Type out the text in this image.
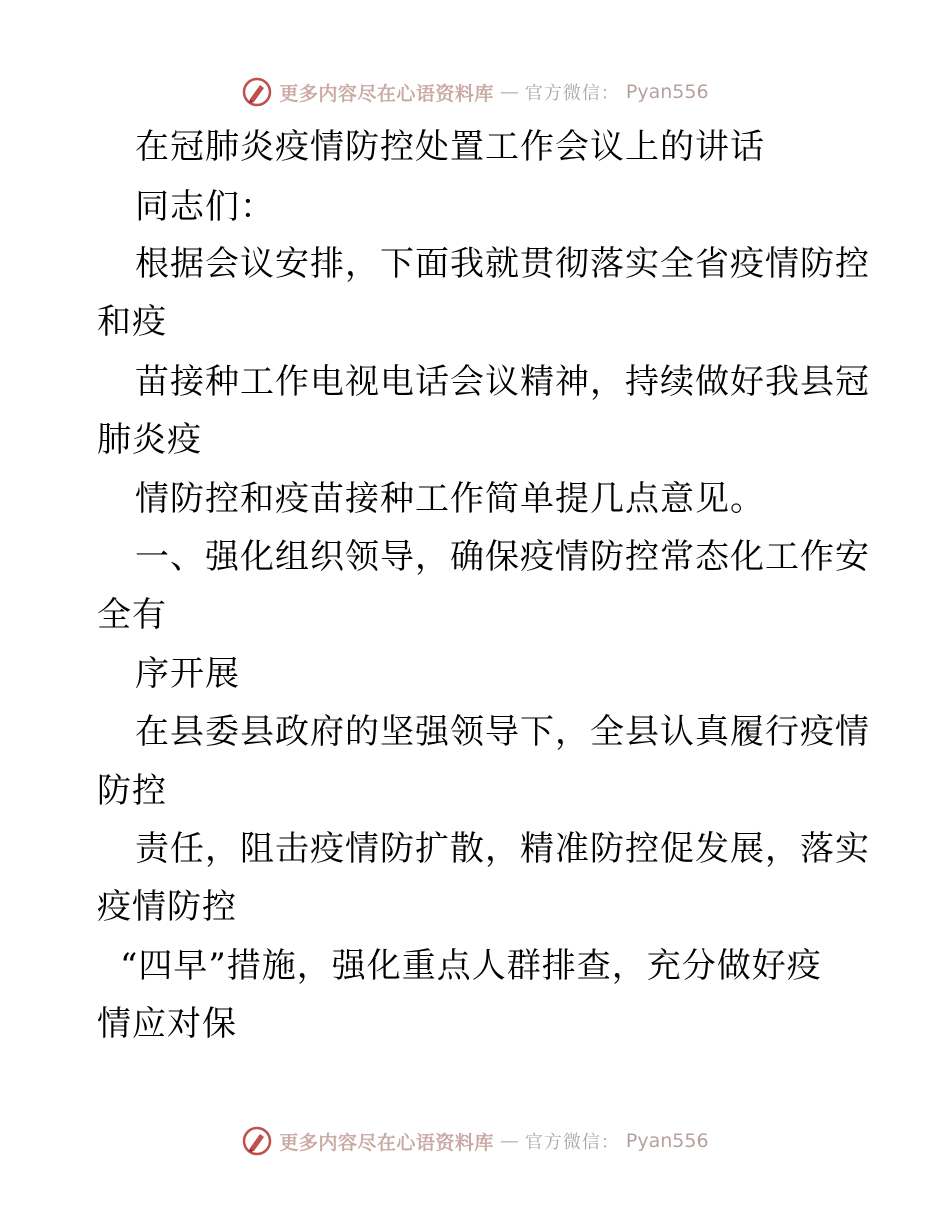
更多内容尽在心语资料库 — 官方微信： Pyan556
在冠肺炎疫情防控处置工作会议上的讲话
同志们：
根据会议安排，下面我就贯彻落实全省疫情防控
和疫
苗接种工作电视电话会议精神，持续做好我县冠
肺炎疫
情防控和疫苗接种工作简单提几点意见。
一、强化组织领导，确保疫情防控常态化工作安
全有
序开展
在县委县政府的坚强领导下，全县认真履行疫情
防控
责任，阻击疫情防扩散，精准防控促发展，落实
疫情防控
“四早”措施，强化重点人群排查，充分做好疫
情应对保
更多内容尽在心语资料库 — 官方微信： Pyan556
